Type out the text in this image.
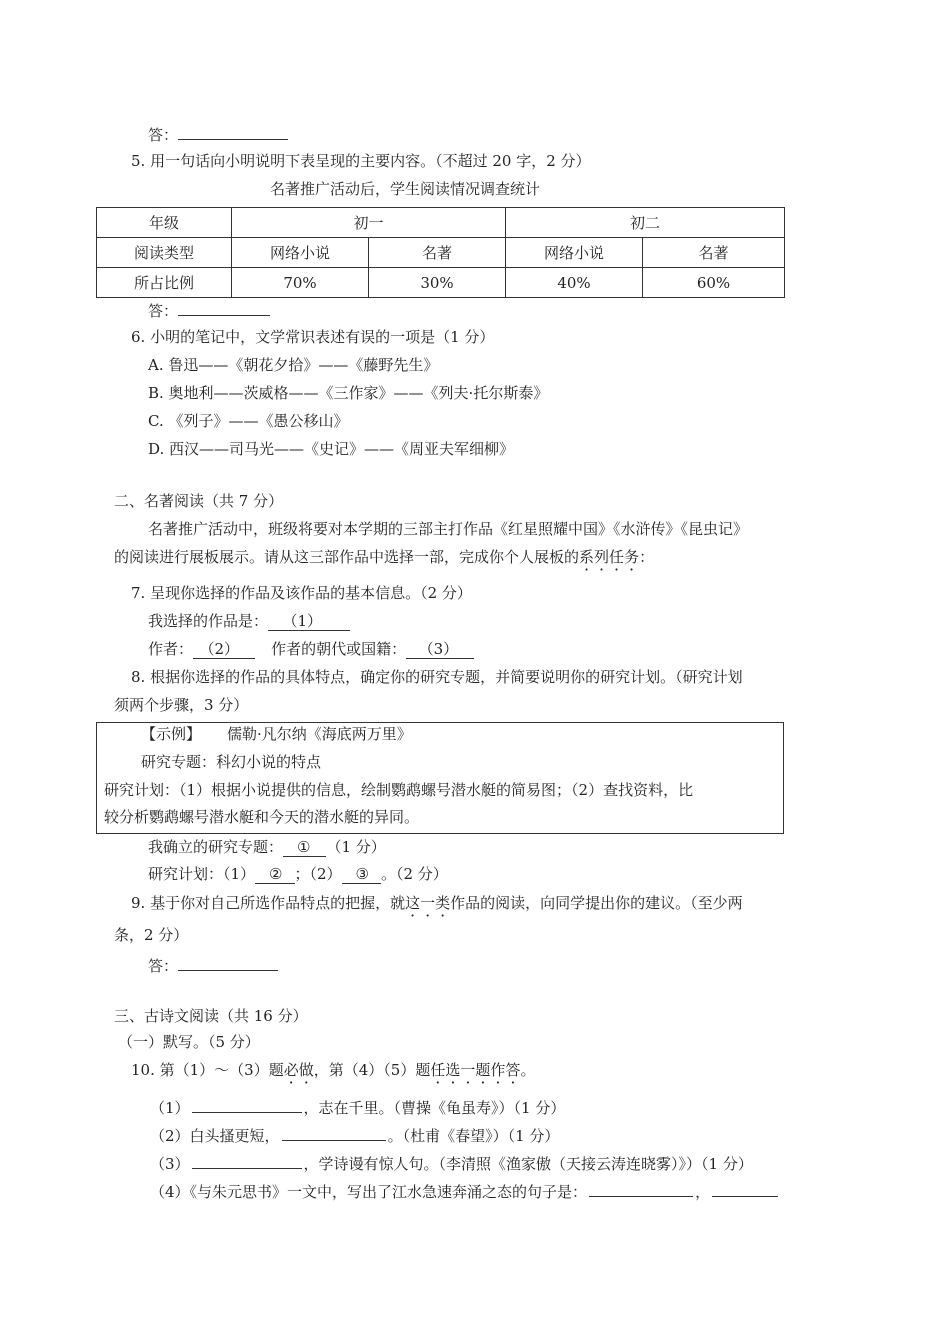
答：
5. 用一句话向小明说明下表呈现的主要内容。（不超过 20 字，2 分）
名著推广活动后，学生阅读情况调查统计
年级	初一		初二	
阅读类型	网络小说	名著	网络小说	名著
所占比例	70%	30%	40%	60%
答：
6. 小明的笔记中，文学常识表述有误的一项是（1 分）
A. 鲁迅——《朝花夕拾》——《藤野先生》
B. 奥地利——茨威格——《三作家》——《列夫·托尔斯泰》
C. 《列子》——《愚公移山》
D. 西汉——司马光——《史记》——《周亚夫军细柳》
二、名著阅读（共 7 分）
名著推广活动中，班级将要对本学期的三部主打作品《红星照耀中国》《水浒传》《昆虫记》
的阅读进行展板展示。请从这三部作品中选择一部，完成你个人展板的系列任务：
7. 呈现你选择的作品及该作品的基本信息。（2 分）
我选择的作品是： （1）
作者： （2） 作者的朝代或国籍： （3）
8. 根据你选择的作品的具体特点，确定你的研究专题，并简要说明你的研究计划。（研究计划
须两个步骤，3 分）
【示例】 儒勒·凡尔纳《海底两万里》
研究专题：科幻小说的特点
研究计划：（1）根据小说提供的信息，绘制鹦鹉螺号潜水艇的简易图；（2）查找资料，比
较分析鹦鹉螺号潜水艇和今天的潜水艇的异同。
我确立的研究专题： ① （1 分）
研究计划：（1） ② ；（2） ③ 。（2 分）
9. 基于你对自己所选作品特点的把握，就这一类作品的阅读，向同学提出你的建议。（至少两
条，2 分）
答：
三、古诗文阅读（共 16 分）
（一）默写。（5 分）
10. 第（1）～（3）题必做，第（4）（5）题任选一题作答。
（1）	，志在千里。（曹操《龟虽寿》）（1 分）
（2）白头搔更短，	。（杜甫《春望》）（1 分）
（3）	，学诗谩有惊人句。（李清照《渔家傲（天接云涛连晓雾）》）（1 分）
（4）《与朱元思书》一文中，写出了江水急速奔涌之态的句子是：	，
